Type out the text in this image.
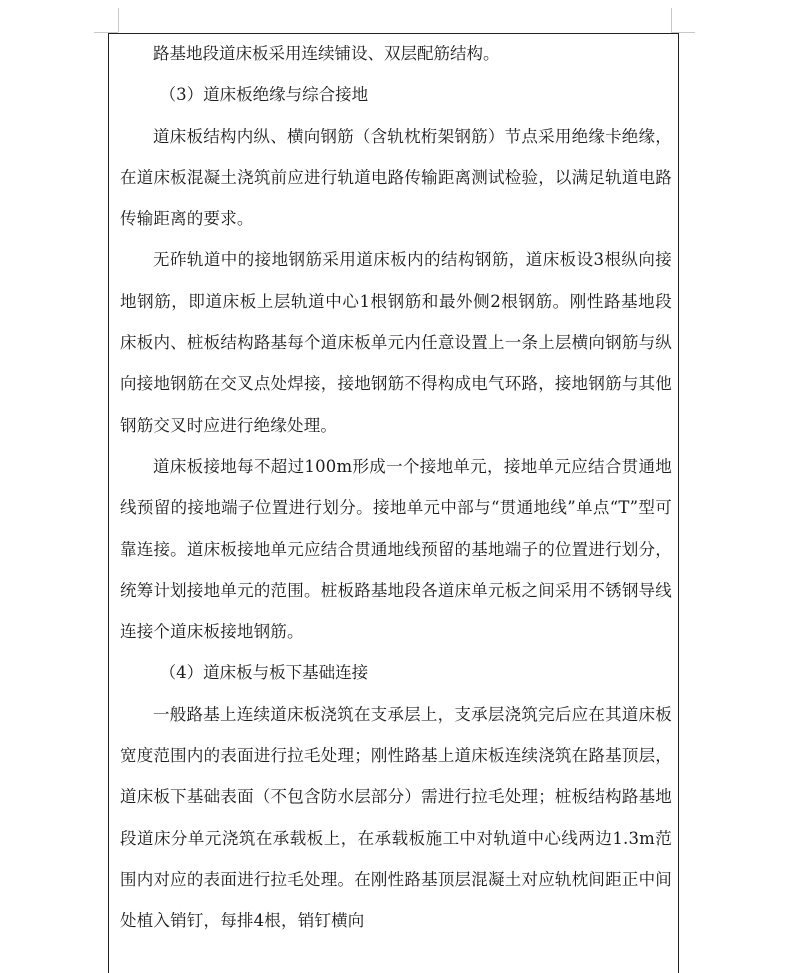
路基地段道床板采用连续铺设、双层配筋结构。

（3）道床板绝缘与综合接地

道床板结构内纵、横向钢筋（含轨枕桁架钢筋）节点采用绝缘卡绝缘，在道床板混凝土浇筑前应进行轨道电路传输距离测试检验，以满足轨道电路传输距离的要求。

无砟轨道中的接地钢筋采用道床板内的结构钢筋，道床板设3根纵向接地钢筋，即道床板上层轨道中心1根钢筋和最外侧2根钢筋。刚性路基地段床板内、桩板结构路基每个道床板单元内任意设置上一条上层横向钢筋与纵向接地钢筋在交叉点处焊接，接地钢筋不得构成电气环路，接地钢筋与其他钢筋交叉时应进行绝缘处理。

道床板接地每不超过100m形成一个接地单元，接地单元应结合贯通地线预留的接地端子位置进行划分。接地单元中部与“贯通地线”单点“T”型可靠连接。道床板接地单元应结合贯通地线预留的基地端子的位置进行划分，统筹计划接地单元的范围。桩板路基地段各道床单元板之间采用不锈钢导线连接个道床板接地钢筋。

（4）道床板与板下基础连接

一般路基上连续道床板浇筑在支承层上，支承层浇筑完后应在其道床板宽度范围内的表面进行拉毛处理；刚性路基上道床板连续浇筑在路基顶层，道床板下基础表面（不包含防水层部分）需进行拉毛处理；桩板结构路基地段道床分单元浇筑在承载板上，在承载板施工中对轨道中心线两边1.3m范围内对应的表面进行拉毛处理。在刚性路基顶层混凝土对应轨枕间距正中间处植入销钉，每排4根，销钉横向
